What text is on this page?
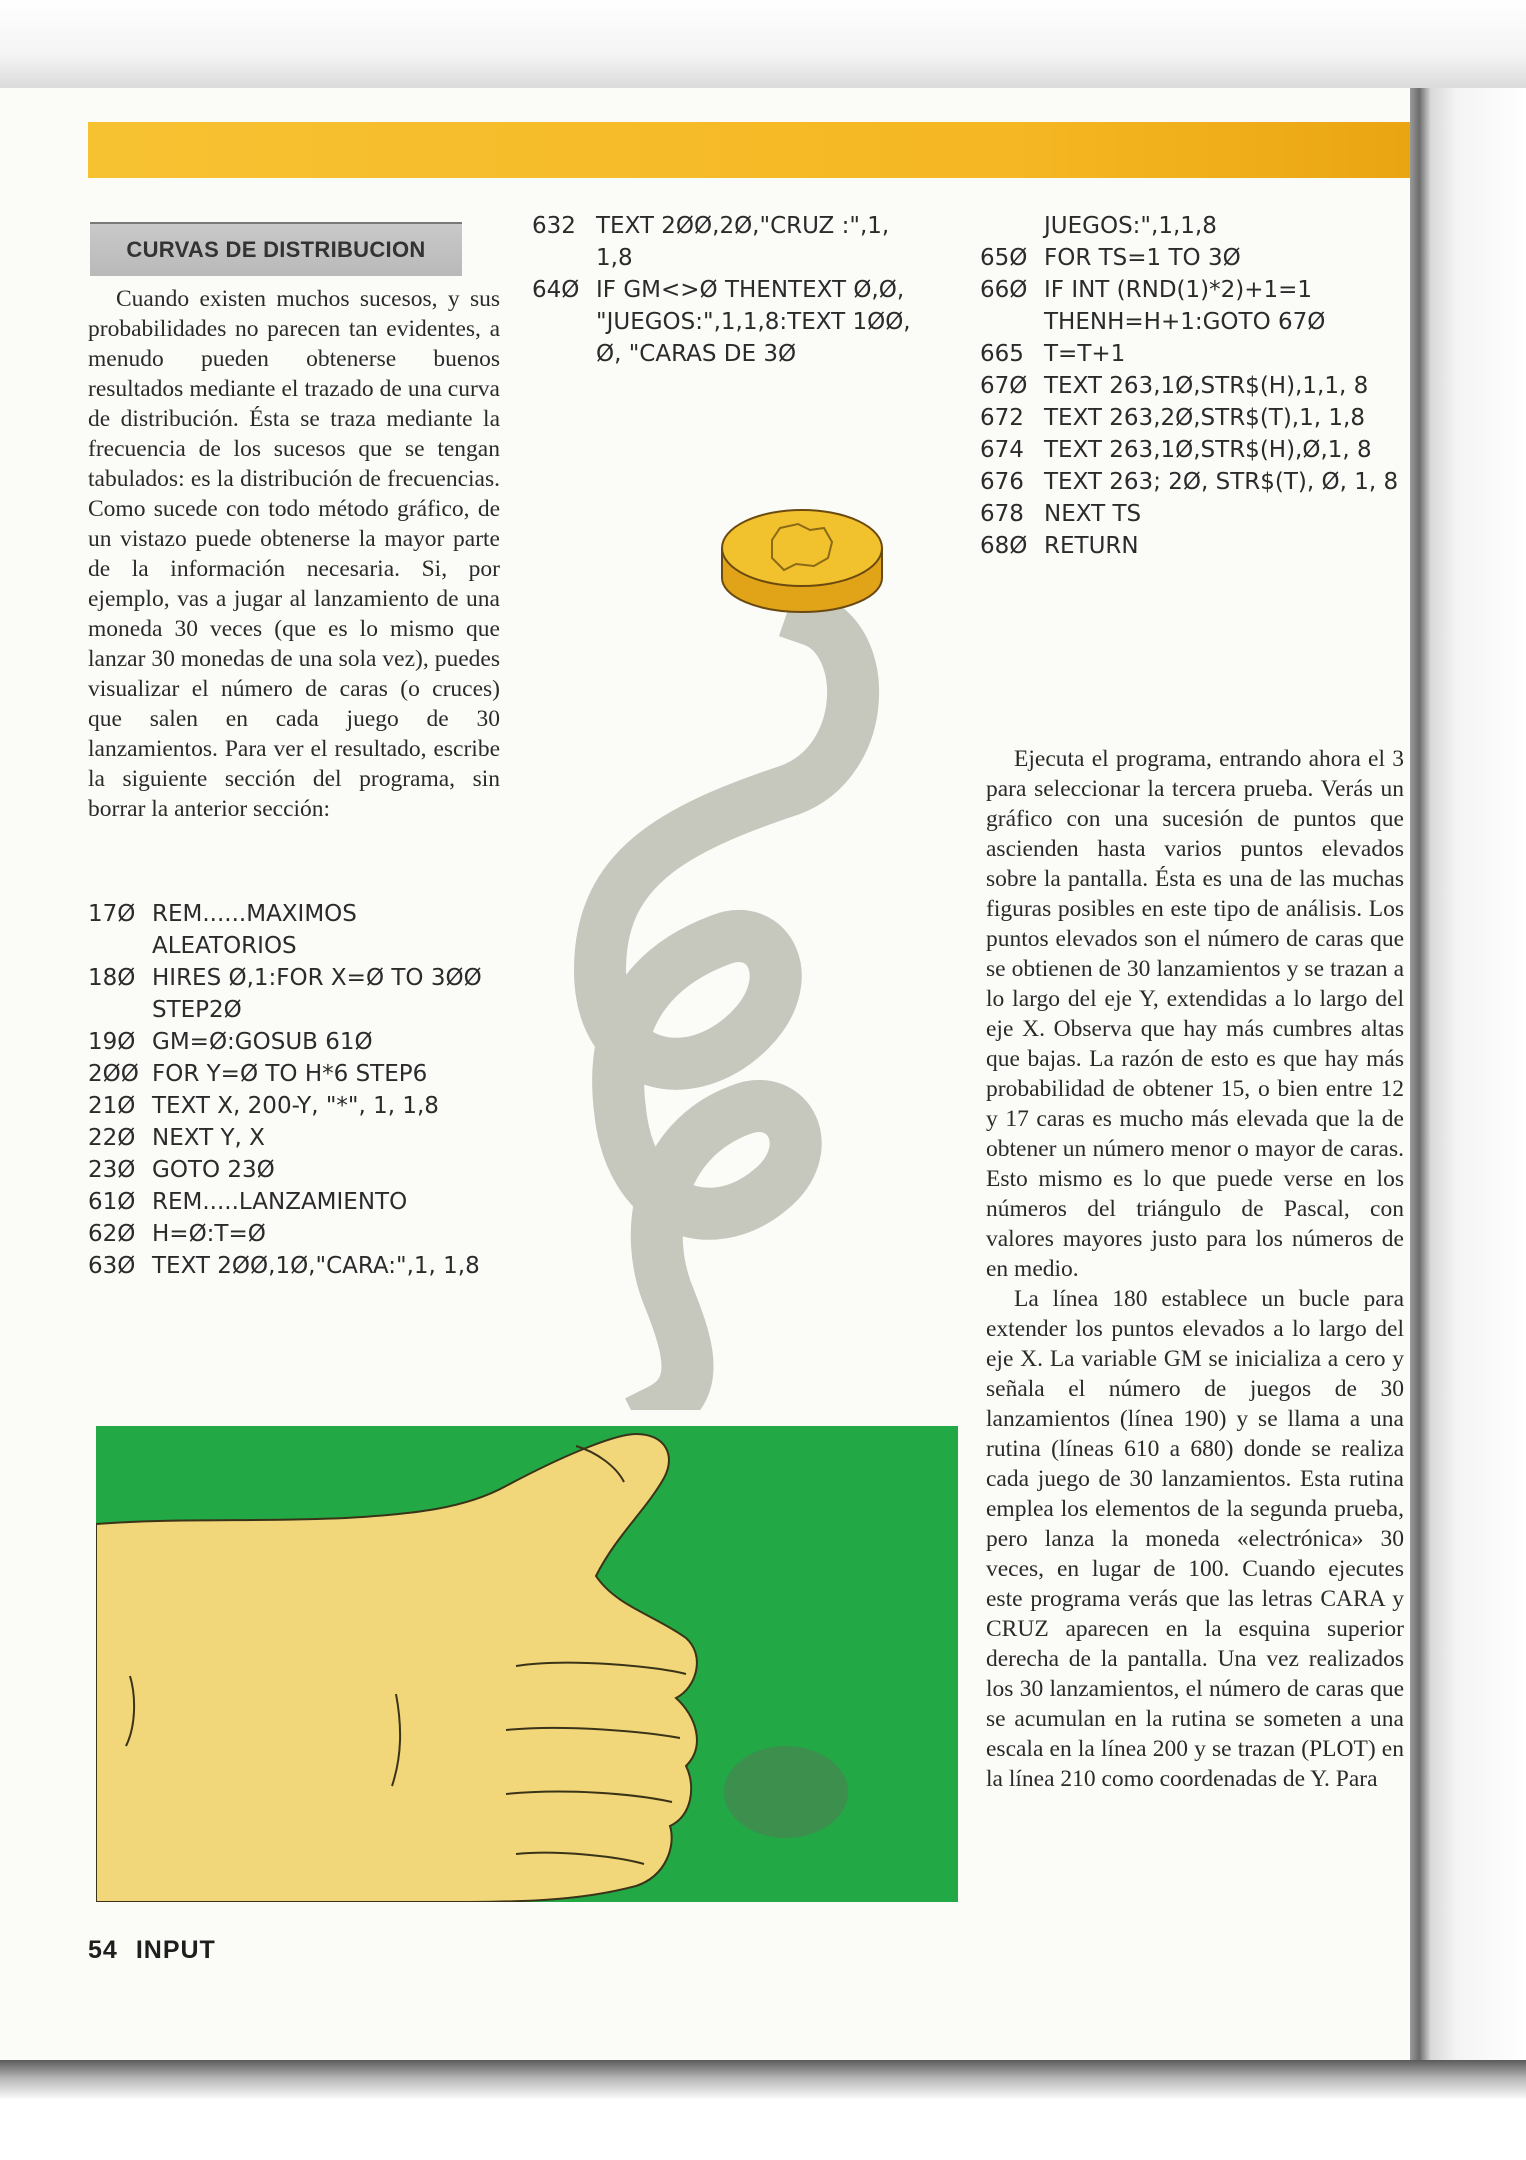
CURVAS DE DISTRIBUCION

Cuando existen muchos sucesos, y sus probabilidades no parecen tan evidentes, a menudo pueden obtenerse buenos resultados mediante el trazado de una curva de distribución. Ésta se traza mediante la frecuencia de los sucesos que se tengan tabulados: es la distribución de frecuencias. Como sucede con todo método gráfico, de un vistazo puede obtenerse la mayor parte de la información necesaria. Si, por ejemplo, vas a jugar al lanzamiento de una moneda 30 veces (que es lo mismo que lanzar 30 monedas de una sola vez), puedes visualizar el número de caras (o cruces) que salen en cada juego de 30 lanzamientos. Para ver el resultado, escribe la siguiente sección del programa, sin borrar la anterior sección:

17Ø REM......MAXIMOS ALEATORIOS
18Ø HIRES Ø,1:FOR X=Ø TO 3ØØ STEP2Ø
19Ø GM=Ø:GOSUB 61Ø
2ØØ FOR Y=Ø TO H*6 STEP6
21Ø TEXT X, 200-Y, "*", 1, 1,8
22Ø NEXT Y, X
23Ø GOTO 23Ø
61Ø REM.....LANZAMIENTO
62Ø H=Ø:T=Ø
63Ø TEXT 2ØØ,1Ø,"CARA:",1, 1,8
632 TEXT 2ØØ,2Ø,"CRUZ :",1, 1,8
64Ø IF GM<>Ø THENTEXT Ø,Ø, "JUEGOS:",1,1,8:TEXT 1ØØ, Ø, "CARAS DE 3Ø
JUEGOS:",1,1,8
65Ø FOR TS=1 TO 3Ø
66Ø IF INT (RND(1)*2)+1=1 THENH=H+1:GOTO 67Ø
665 T=T+1
67Ø TEXT 263,1Ø,STR$(H),1,1, 8
672 TEXT 263,2Ø,STR$(T),1, 1,8
674 TEXT 263,1Ø,STR$(H),Ø,1, 8
676 TEXT 263; 2Ø, STR$(T), Ø, 1, 8
678 NEXT TS
68Ø RETURN

Ejecuta el programa, entrando ahora el 3 para seleccionar la tercera prueba. Verás un gráfico con una sucesión de puntos que ascienden hasta varios puntos elevados sobre la pantalla. Ésta es una de las muchas figuras posibles en este tipo de análisis. Los puntos elevados son el número de caras que se obtienen de 30 lanzamientos y se trazan a lo largo del eje Y, extendidas a lo largo del eje X. Observa que hay más cumbres altas que bajas. La razón de esto es que hay más probabilidad de obtener 15, o bien entre 12 y 17 caras es mucho más elevada que la de obtener un número menor o mayor de caras. Esto mismo es lo que puede verse en los números del triángulo de Pascal, con valores mayores justo para los números de en medio.

La línea 180 establece un bucle para extender los puntos elevados a lo largo del eje X. La variable GM se inicializa a cero y señala el número de juegos de 30 lanzamientos (línea 190) y se llama a una rutina (líneas 610 a 680) donde se realiza cada juego de 30 lanzamientos. Esta rutina emplea los elementos de la segunda prueba, pero lanza la moneda «electrónica» 30 veces, en lugar de 100. Cuando ejecutes este programa verás que las letras CARA y CRUZ aparecen en la esquina superior derecha de la pantalla. Una vez realizados los 30 lanzamientos, el número de caras que se acumulan en la rutina se someten a una escala en la línea 200 y se trazan (PLOT) en la línea 210 como coordenadas de Y. Para

54 INPUT
